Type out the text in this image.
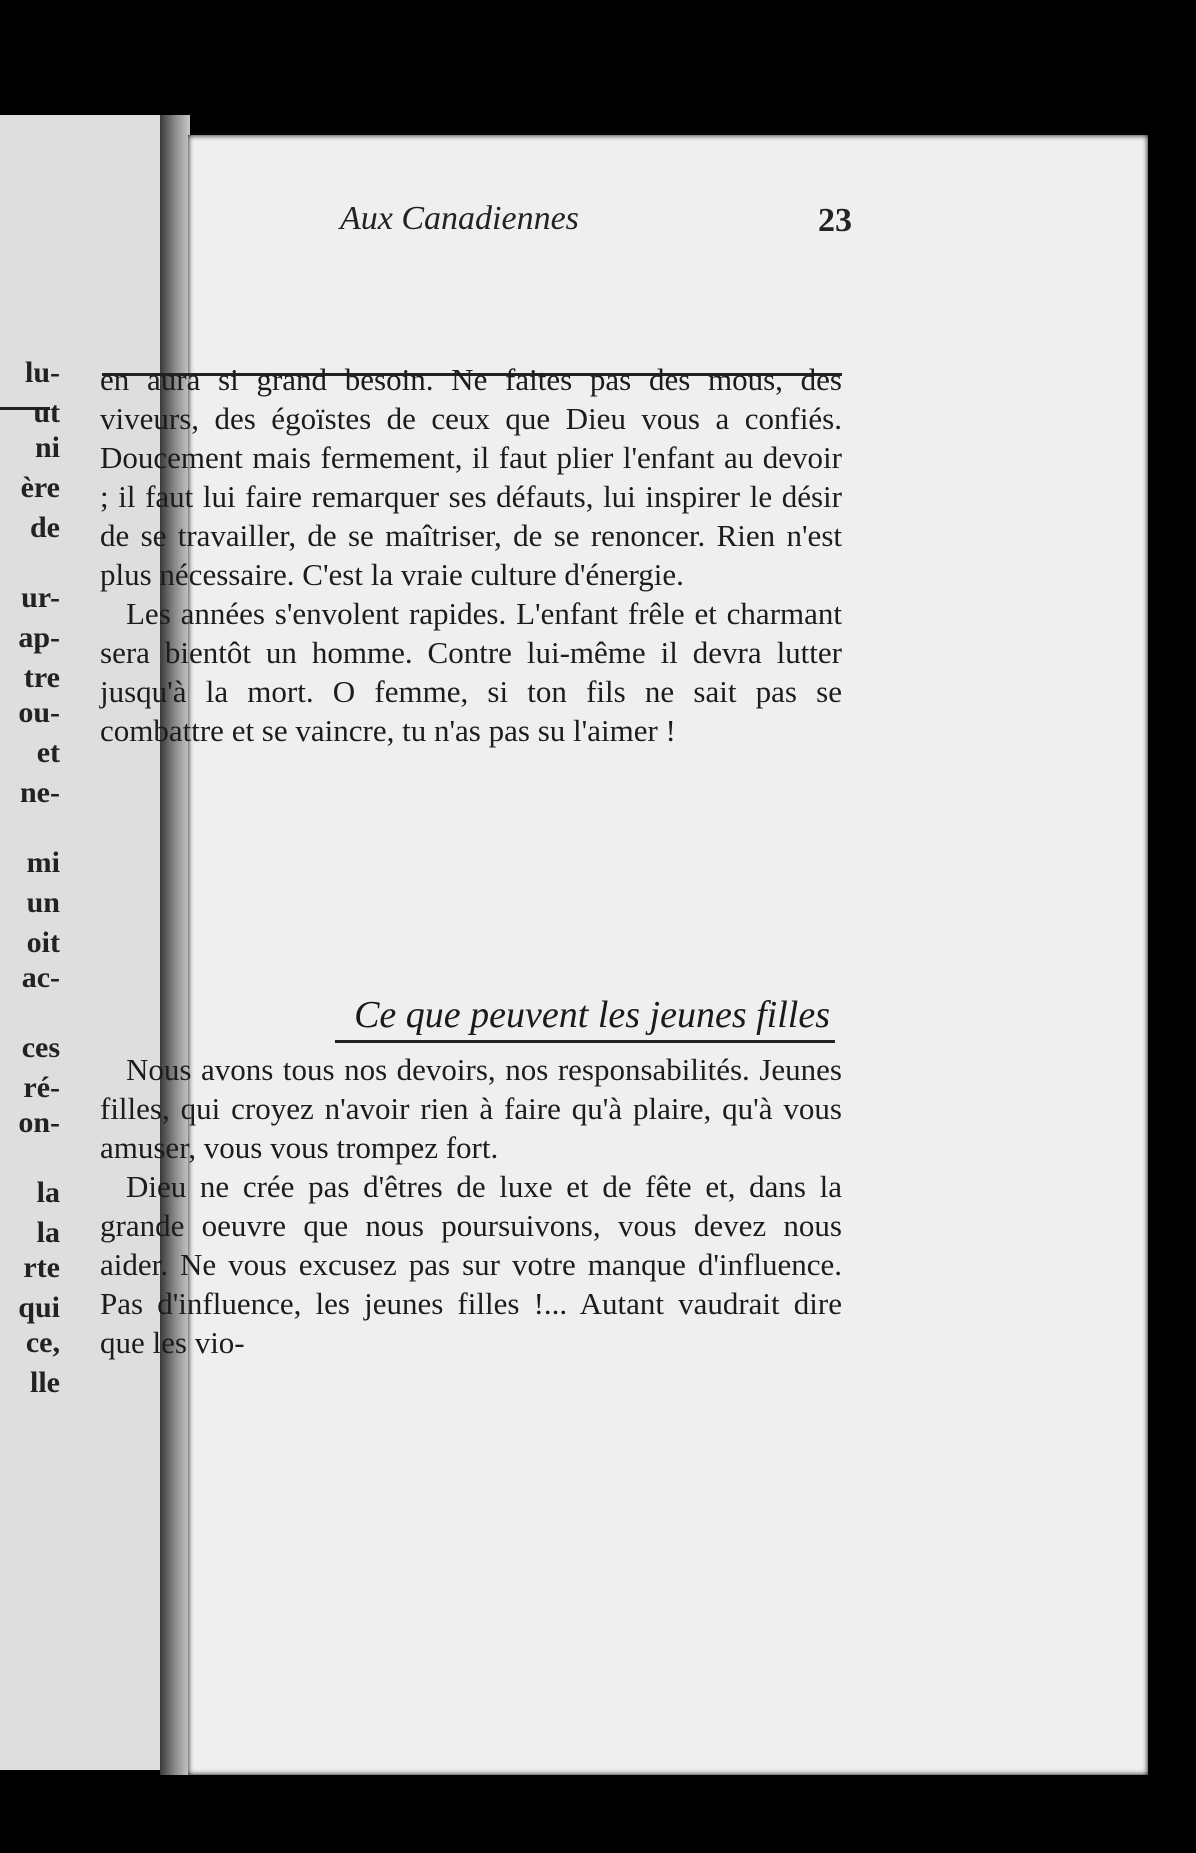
Aux Canadiennes	23

en aura si grand besoin. Ne faites pas des mous, des viveurs, des égoïstes de ceux que Dieu vous a confiés. Doucement mais fermement, il faut plier l'enfant au devoir ; il faut lui faire remarquer ses défauts, lui inspirer le désir de se travailler, de se maîtriser, de se renoncer. Rien n'est plus nécessaire. C'est la vraie culture d'énergie.

Les années s'envolent rapides. L'enfant frêle et charmant sera bientôt un homme. Contre lui-même il devra lutter jusqu'à la mort. O femme, si ton fils ne sait pas se combattre et se vaincre, tu n'as pas su l'aimer !

Ce que peuvent les jeunes filles

Nous avons tous nos devoirs, nos responsabilités. Jeunes filles, qui croyez n'avoir rien à faire qu'à plaire, qu'à vous amuser, vous vous trompez fort.

Dieu ne crée pas d'êtres de luxe et de fête et, dans la grande oeuvre que nous poursuivons, vous devez nous aider. Ne vous excusez pas sur votre manque d'influence. Pas d'influence, les jeunes filles !... Autant vaudrait dire que les vio-

lu-
ut
ni
ère
de
ur-
ap-
tre
ou-
et
ne-
mi
un
oit
ac-
ces
ré-
on-
la
la
rte
qui
ce,
lle
